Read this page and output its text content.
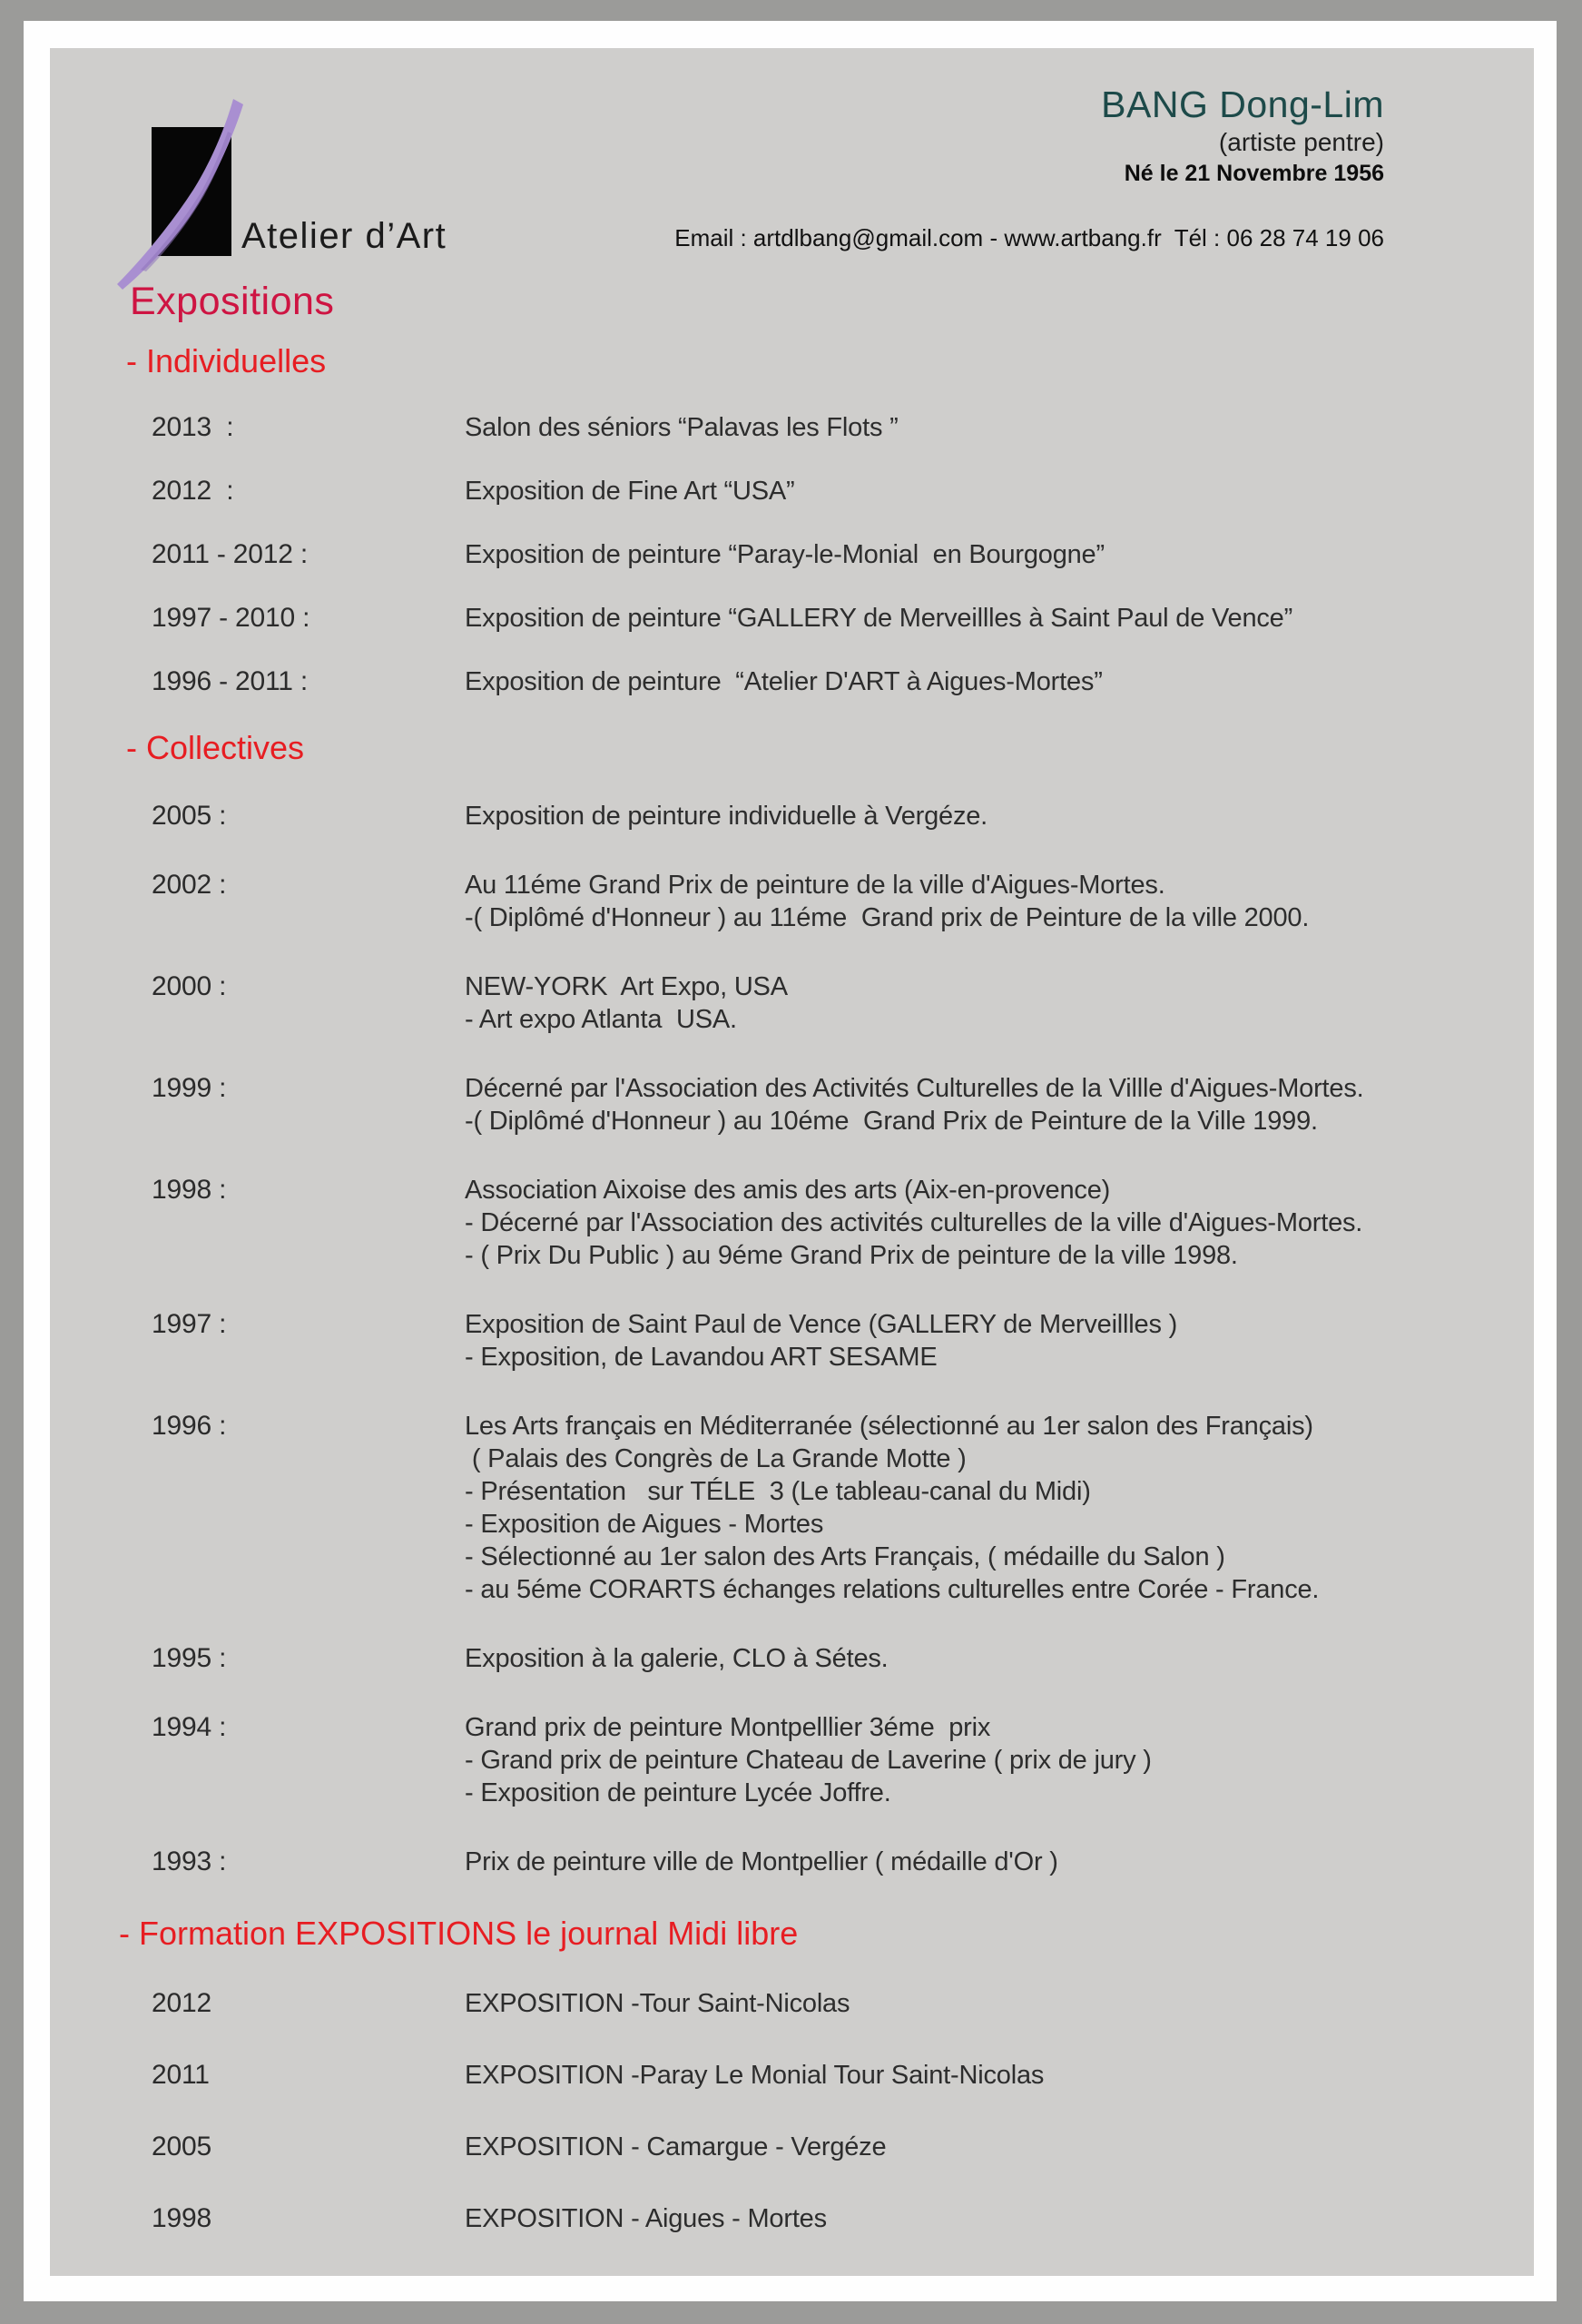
Atelier d’Art
BANG Dong-Lim
(artiste pentre)
Né le 21 Novembre 1956
Email : artdlbang@gmail.com - www.artbang.fr  Tél : 06 28 74 19 06
Expositions
- Individuelles
2013  :	Salon des séniors “Palavas les Flots ”
2012  :	Exposition de Fine Art “USA”
2011 - 2012 :	Exposition de peinture “Paray-le-Monial  en Bourgogne”
1997 - 2010 :	Exposition de peinture “GALLERY de Merveillles à Saint Paul de Vence”
1996 - 2011 :	Exposition de peinture  “Atelier D'ART à Aigues-Mortes”
- Collectives
2005 :	Exposition de peinture individuelle à Vergéze.
2002 :	Au 11éme Grand Prix de peinture de la ville d'Aigues-Mortes.
-( Diplômé d'Honneur ) au 11éme  Grand prix de Peinture de la ville 2000.
2000 :	NEW-YORK  Art Expo, USA
- Art expo Atlanta  USA.
1999 :	Décerné par l'Association des Activités Culturelles de la Villle d'Aigues-Mortes.
-( Diplômé d'Honneur ) au 10éme  Grand Prix de Peinture de la Ville 1999.
1998 :	Association Aixoise des amis des arts (Aix-en-provence)
- Décerné par l'Association des activités culturelles de la ville d'Aigues-Mortes.
- ( Prix Du Public ) au 9éme Grand Prix de peinture de la ville 1998.
1997 :	Exposition de Saint Paul de Vence (GALLERY de Merveillles )
- Exposition, de Lavandou ART SESAME
1996 :	Les Arts français en Méditerranée (sélectionné au 1er salon des Français)
( Palais des Congrès de La Grande Motte )
- Présentation   sur TÉLE  3 (Le tableau-canal du Midi)
- Exposition de Aigues - Mortes
- Sélectionné au 1er salon des Arts Français, ( médaille du Salon )
- au 5éme CORARTS échanges relations culturelles entre Corée - France.
1995 :	Exposition à la galerie, CLO à Sétes.
1994 :	Grand prix de peinture Montpelllier 3éme  prix
- Grand prix de peinture Chateau de Laverine ( prix de jury )
- Exposition de peinture Lycée Joffre.
1993 :	Prix de peinture ville de Montpellier ( médaille d'Or )
- Formation EXPOSITIONS le journal Midi libre
2012	EXPOSITION -Tour Saint-Nicolas
2011	EXPOSITION -Paray Le Monial Tour Saint-Nicolas
2005	EXPOSITION - Camargue - Vergéze
1998	EXPOSITION - Aigues - Mortes
